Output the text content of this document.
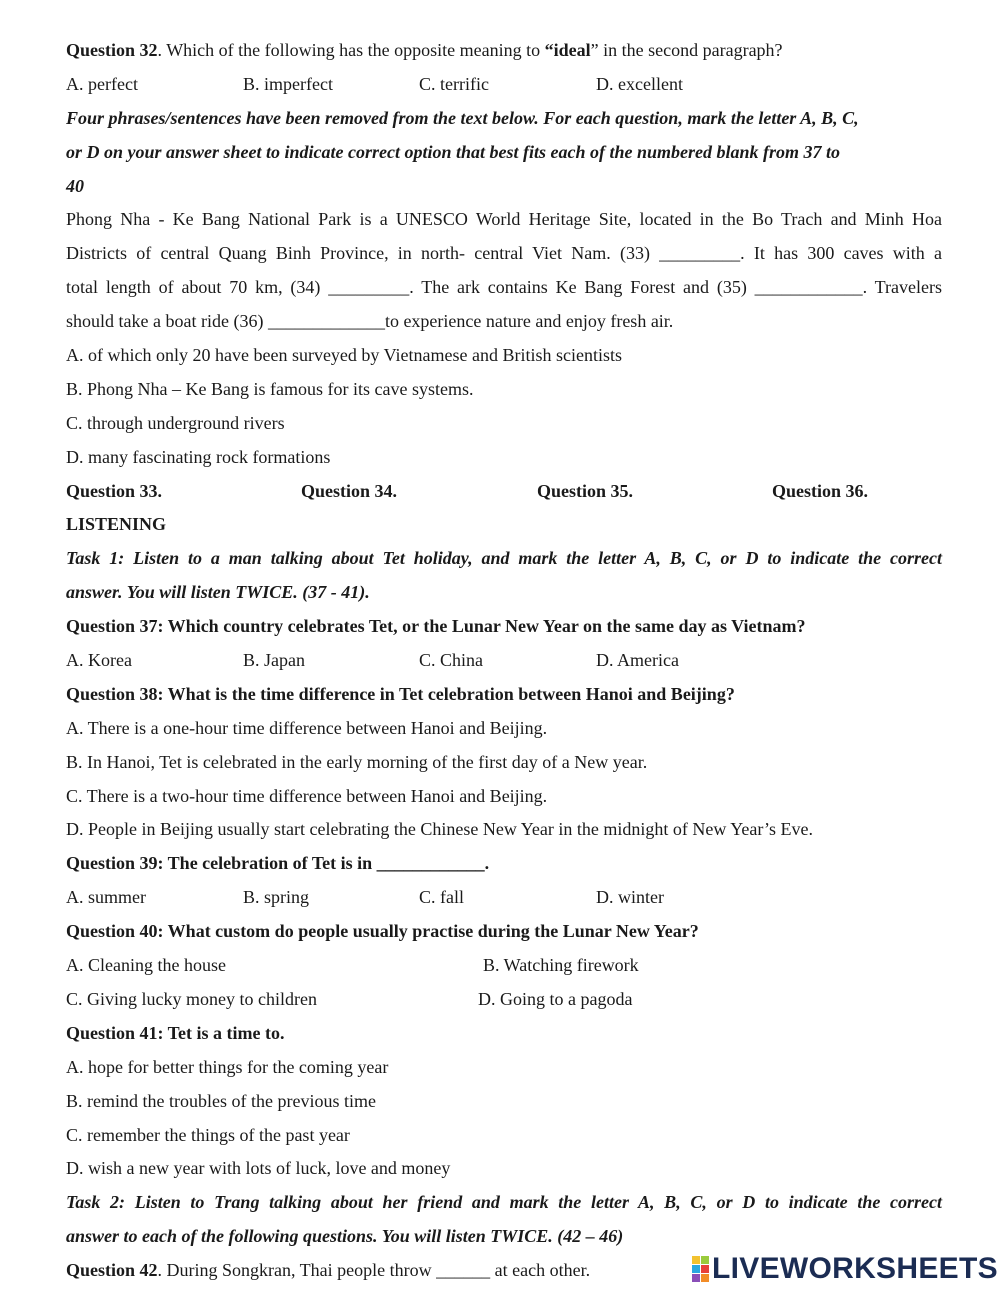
Question 32. Which of the following has the opposite meaning to “ideal” in the second paragraph?
A. perfect	B. imperfect	C. terrific	D. excellent
Four phrases/sentences have been removed from the text below. For each question, mark the letter A, B, C,
or D on your answer sheet to indicate correct option that best fits each of the numbered blank from 37 to
40
Phong Nha - Ke Bang National Park is a UNESCO World Heritage Site, located in the Bo Trach and Minh Hoa
Districts of central Quang Binh Province, in north- central Viet Nam. (33) _________. It has 300 caves with a
total length of about 70 km, (34) _________. The ark contains Ke Bang Forest and (35) ____________. Travelers
should take a boat ride (36) _____________to experience nature and enjoy fresh air.
A. of which only 20 have been surveyed by Vietnamese and British scientists
B. Phong Nha – Ke Bang is famous for its cave systems.
C. through underground rivers
D. many fascinating rock formations
Question 33.	Question 34.	Question 35.	Question 36.
LISTENING
Task 1: Listen to a man talking about Tet holiday, and mark the letter A, B, C, or D to indicate the correct
answer. You will listen TWICE. (37 - 41).
Question 37: Which country celebrates Tet, or the Lunar New Year on the same day as Vietnam?
A. Korea	B. Japan	C. China	D. America
Question 38: What is the time difference in Tet celebration between Hanoi and Beijing?
A. There is a one-hour time difference between Hanoi and Beijing.
B. In Hanoi, Tet is celebrated in the early morning of the first day of a New year.
C. There is a two-hour time difference between Hanoi and Beijing.
D. People in Beijing usually start celebrating the Chinese New Year in the midnight of New Year’s Eve.
Question 39: The celebration of Tet is in ____________.
A. summer	B. spring	C. fall	D. winter
Question 40: What custom do people usually practise during the Lunar New Year?
A. Cleaning the house	B. Watching firework
C. Giving lucky money to children	D. Going to a pagoda
Question 41: Tet is a time to.
A. hope for better things for the coming year
B. remind the troubles of the previous time
C. remember the things of the past year
D. wish a new year with lots of luck, love and money
Task 2: Listen to Trang talking about her friend and mark the letter A, B, C, or D to indicate the correct
answer to each of the following questions. You will listen TWICE. (42 – 46)
Question 42. During Songkran, Thai people throw ______ at each other.	LIVEWORKSHEETS
